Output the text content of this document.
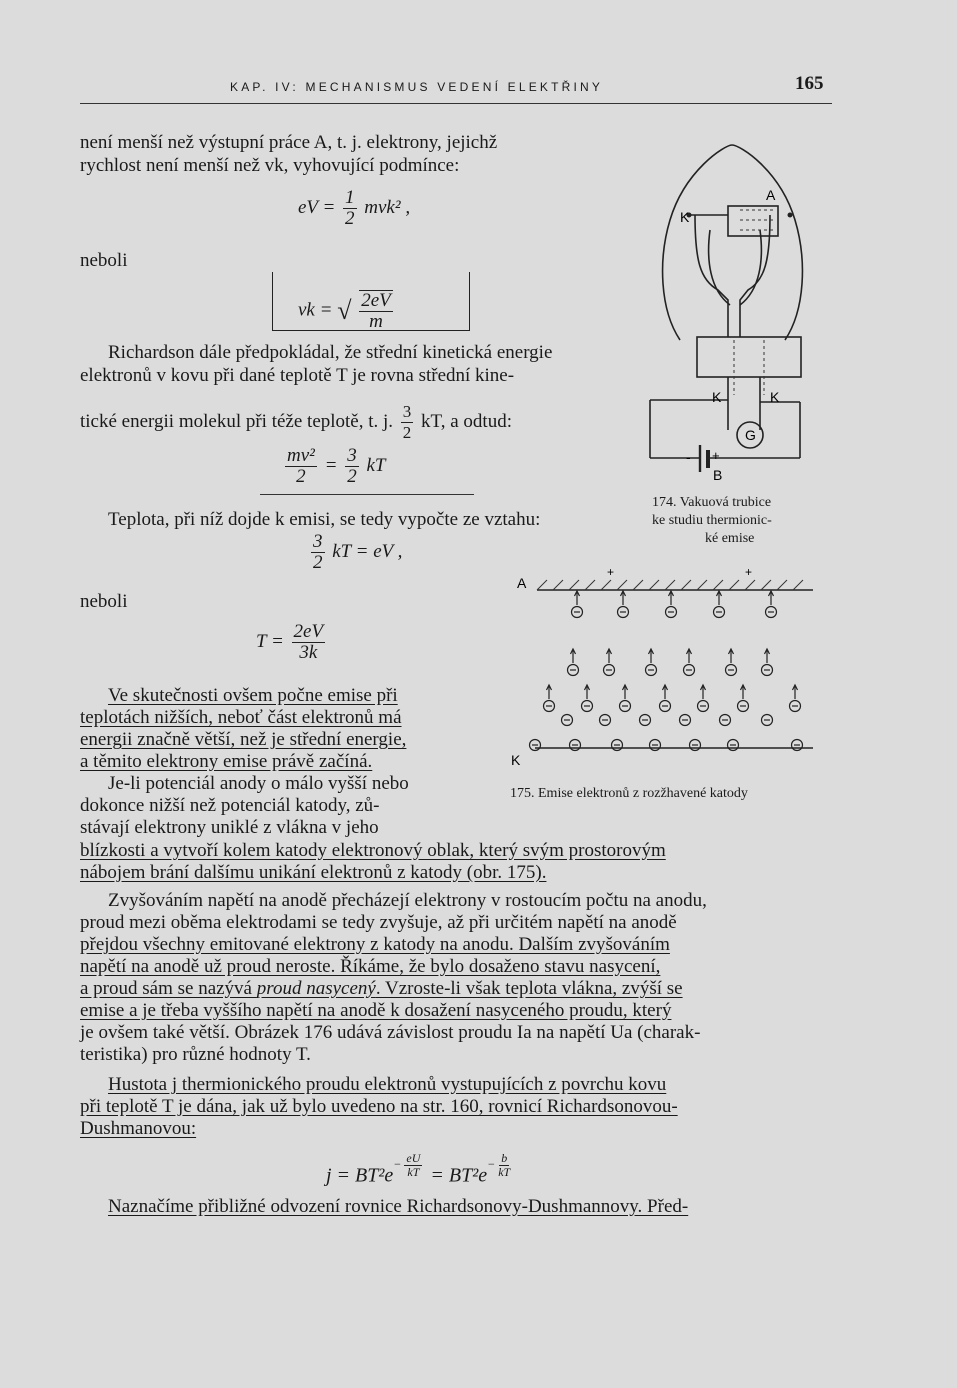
KAP. IV: MECHANISMUS VEDENÍ ELEKTŘINY	165
není menší než výstupní práce A, t. j. elektrony, jejichž
rychlost není menší než vk, vyhovující podmínce:
eV = $\frac{1}{2} mvk^2$ ,
neboli
vk = √ $\frac{2eV}{m}$
Richardson dále předpokládal, že střední kinetická energie
elektronů v kovu při dané teplotě T je rovna střední kine-
tické energii molekul při téže teplotě, t. j. $\frac{3}{2}$ kT, a odtud:
$\frac{\text{mv²}}{2} = \frac{3}{2}$ kT
Teplota, při níž dojde k emisi, se tedy vypočte ze vztahu:
$\frac{3}{2}$ kT = eV ,
neboli
$T = \frac{2eV}{3k}$
Ve skutečnosti ovšem počne emise při
teplotách nižších, neboť část elektronů má
energii značně větší, než je střední energie,
a těmito elektrony emise právě začíná.
Je-li potenciál anody o málo vyšší nebo
dokonce nižší než potenciál katody, zů-
stávají elektrony uniklé z vlákna v jeho
blízkosti a vytvoří kolem katody elektronový oblak, který svým prostorovým
nábojem brání dalšímu unikání elektronů z katody (obr. 175).
Zvyšováním napětí na anodě přecházejí elektrony v rostoucím počtu na anodu,
proud mezi oběma elektrodami se tedy zvyšuje, až při určitém napětí na anodě
přejdou všechny emitované elektrony z katody na anodu. Dalším zvyšováním
napětí na anodě už proud neroste. Říkáme, že bylo dosaženo stavu nasycení,
a proud sám se nazývá proud nasycený. Vzroste-li však teplota vlákna, zvýší se
emise a je třeba vyššího napětí na anodě k dosažení nasyceného proudu, který
je ovšem také větší. Obrázek 176 udává závislost proudu Ia na napětí Ua (charak-
teristika) pro různé hodnoty T.
Hustota j thermionického proudu elektronů vystupujících z povrchu kovu
při teplotě T je dána, jak už bylo uvedeno na str. 160, rovnicí Richardsonovou-
Dushmanovou:
$j = BT^2e^{- \frac{eU}{kT}} = BT^2e^{- \frac{b}{kT}}$
Naznačíme přibližné odvození rovnice Richardsonovy-Dushmannovy. Před-
A
K
K	K
G
B
- +
174. Vakuová trubice
ke studiu thermionic-
ké emise
A
+	+
K
175. Emise elektronů z rozžhavené katody
